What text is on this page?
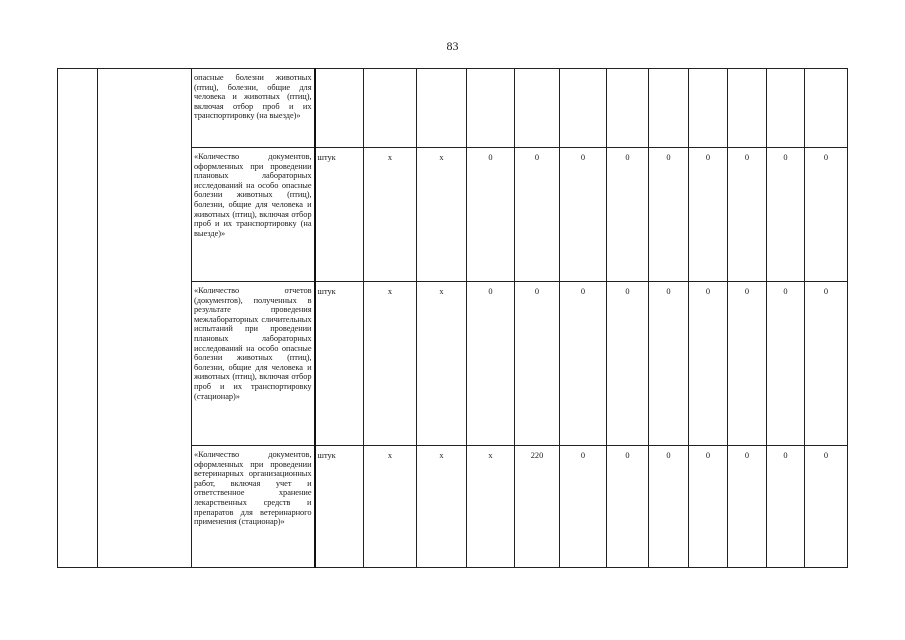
83
		опасные болезни животных (птиц), болезни, общие для человека и животных (птиц), включая отбор проб и их транспортировку (на выезде)»												
		«Количество документов, оформленных при проведении плановых лабораторных исследований на особо опасные болезни животных (птиц), болезни, общие для человека и животных (птиц), включая отбор проб и их транспортировку (на выезде)»	штук	х	х	0	0	0	0	0	0	0	0	0
		«Количество отчетов (документов), полученных в результате проведения межлабораторных сличительных испытаний при проведении плановых лабораторных исследований на особо опасные болезни животных (птиц), болезни, общие для человека и животных (птиц), включая отбор проб и их транспортировку (стационар)»	штук	х	х	0	0	0	0	0	0	0	0	0
		«Количество документов, оформленных при проведении ветеринарных организационных работ, включая учет и ответственное хранение лекарственных средств и препаратов для ветеринарного применения (стационар)»	штук	х	х	х	220	0	0	0	0	0	0	0
